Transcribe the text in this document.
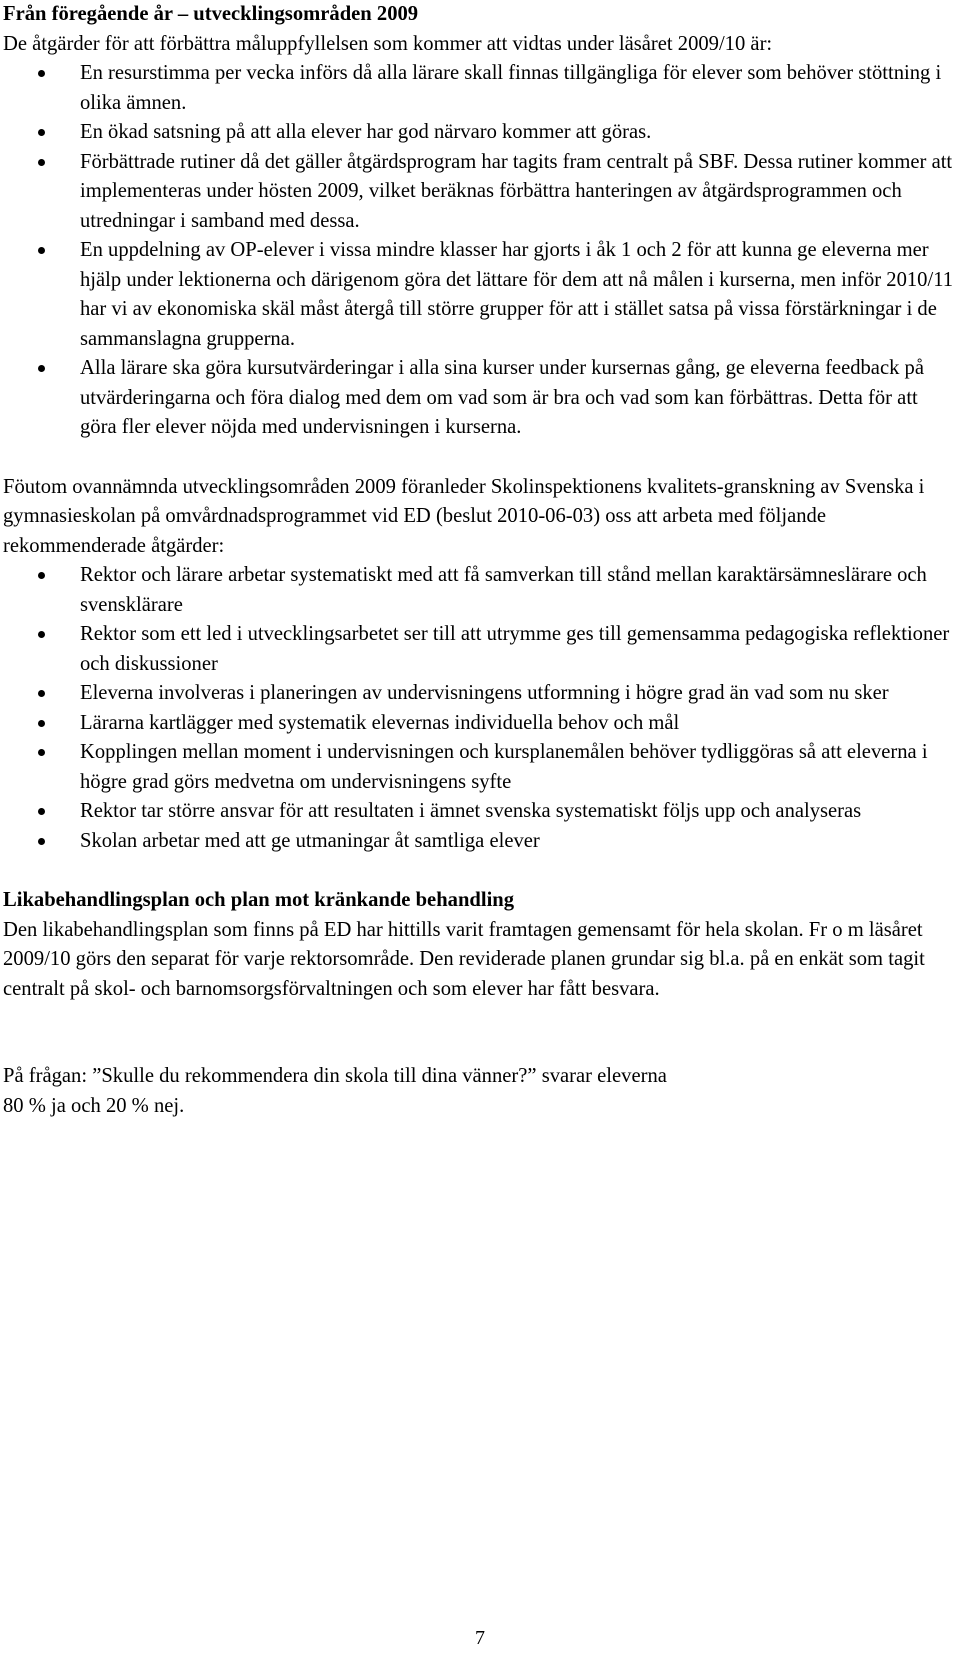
Från föregående år – utvecklingsområden 2009

De åtgärder för att förbättra måluppfyllelsen som kommer att vidtas under läsåret 2009/10 är:

En resurstimma per vecka införs då alla lärare skall finnas tillgängliga för elever som behöver stöttning i olika ämnen.
En ökad satsning på att alla elever har god närvaro kommer att göras.
Förbättrade rutiner då det gäller åtgärdsprogram har tagits fram centralt på SBF. Dessa rutiner kommer att implementeras under hösten 2009, vilket beräknas förbättra hanteringen av åtgärdsprogrammen och utredningar i samband med dessa.
En uppdelning av OP-elever i vissa mindre klasser har gjorts i åk 1 och 2 för att kunna ge eleverna mer hjälp under lektionerna och därigenom göra det lättare för dem att nå målen i kurserna, men inför 2010/11 har vi av ekonomiska skäl måst återgå till större grupper för att i stället satsa på vissa förstärkningar i de sammanslagna grupperna.
Alla lärare ska göra kursutvärderingar i alla sina kurser under kursernas gång, ge eleverna feedback på utvärderingarna och föra dialog med dem om vad som är bra och vad som kan förbättras. Detta för att göra fler elever nöjda med undervisningen i kurserna.

Föutom ovannämnda utvecklingsområden 2009 föranleder Skolinspektionens kvalitets-granskning av Svenska i gymnasieskolan på omvårdnadsprogrammet vid ED (beslut 2010-06-03) oss att arbeta med följande rekommenderade åtgärder:

Rektor och lärare arbetar systematiskt med att få samverkan till stånd mellan karaktärsämneslärare och svensklärare
Rektor som ett led i utvecklingsarbetet ser till att utrymme ges till gemensamma pedagogiska reflektioner och diskussioner
Eleverna involveras i planeringen av undervisningens utformning i högre grad än vad som nu sker
Lärarna kartlägger med systematik elevernas individuella behov och mål
Kopplingen mellan moment i undervisningen och kursplanemålen behöver tydliggöras så att eleverna i högre grad görs medvetna om undervisningens syfte
Rektor tar större ansvar för att resultaten i ämnet svenska systematiskt följs upp och analyseras
Skolan arbetar med att ge utmaningar åt samtliga elever

Likabehandlingsplan och plan mot kränkande behandling

Den likabehandlingsplan som finns på ED har hittills varit framtagen gemensamt för hela skolan. Fr o m läsåret 2009/10 görs den separat för varje rektorsområde. Den reviderade planen grundar sig bl.a. på en enkät som tagit centralt på skol- och barnomsorgsförvaltningen och som elever har fått besvara.

På frågan: ”Skulle du rekommendera din skola till dina vänner?” svarar eleverna

80 % ja och 20 % nej.

7
